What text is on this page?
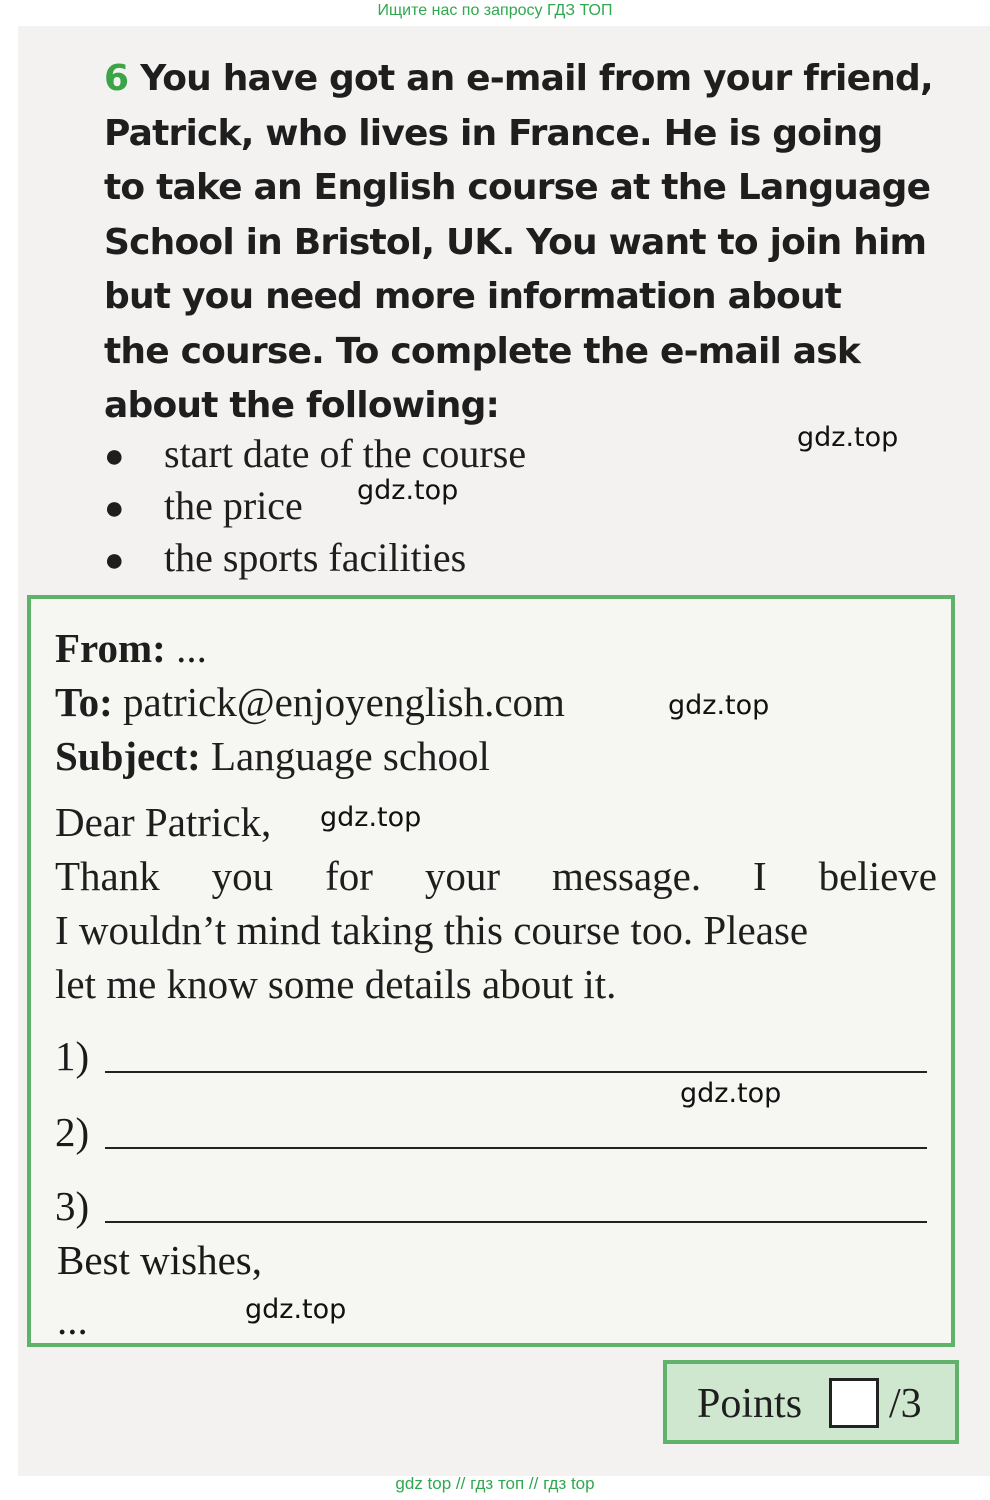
Ищите нас по запросу ГДЗ ТОП
6 You have got an e-mail from your friend,
Patrick, who lives in France. He is going
to take an English course at the Language
School in Bristol, UK. You want to join him
but you need more information about
the course. To complete the e-mail ask
about the following:
● start date of the course
● the price
● the sports facilities
From: ...
To: patrick@enjoyenglish.com
Subject: Language school
Dear Patrick,
Thank you for your message. I believe
I wouldn’t mind taking this course too. Please
let me know some details about it.
1)
2)
3)
Best wishes,
...
Points /3
gdz.top
gdz.top
gdz.top
gdz.top
gdz.top
gdz.top
gdz top // гдз топ // гдз top
